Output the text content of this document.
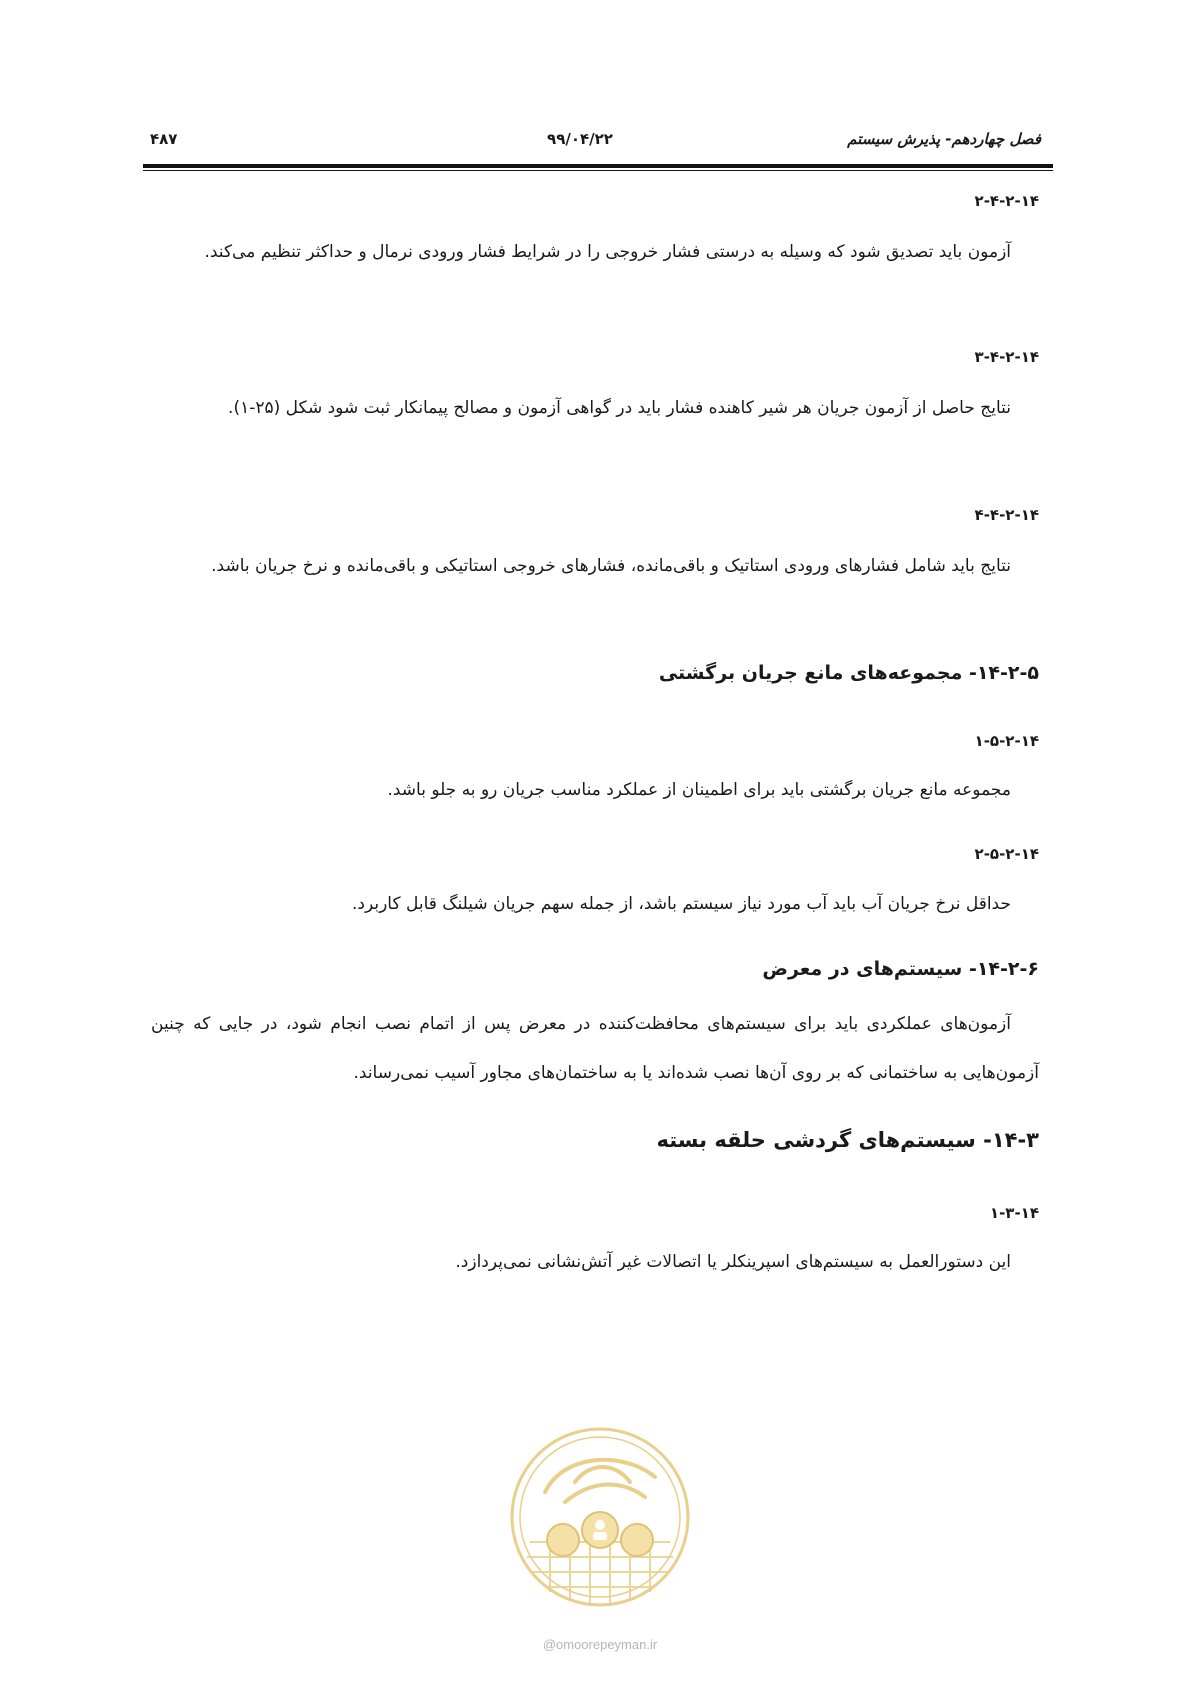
فصل چهاردهم- پذیرش سیستم
۹۹/۰۴/۲۲
۴۸۷
۲-۴-۲-۱۴
آزمون باید تصدیق شود که وسیله به درستی فشار خروجی را در شرایط فشار ورودی نرمال و حداکثر تنظیم می‌کند.
۳-۴-۲-۱۴
نتایج حاصل از آزمون جریان هر شیر کاهنده فشار باید در گواهی آزمون و مصالح پیمانکار ثبت شود شکل (۲۵-۱).
۴-۴-۲-۱۴
نتایج باید شامل فشارهای ورودی استاتیک و باقی‌مانده، فشارهای خروجی استاتیکی و باقی‌مانده و نرخ جریان باشد.
۱۴-۲-۵- مجموعه‌های مانع جریان برگشتی
۱-۵-۲-۱۴
مجموعه مانع جریان برگشتی باید برای اطمینان از عملکرد مناسب جریان رو به جلو باشد.
۲-۵-۲-۱۴
حداقل نرخ جریان آب باید آب مورد نیاز سیستم باشد، از جمله سهم جریان شیلنگ قابل کاربرد.
۱۴-۲-۶- سیستم‌های در معرض
آزمون‌های عملکردی باید برای سیستم‌های محافظت‌کننده در معرض پس از اتمام نصب انجام شود، در جایی که چنین آزمون‌هایی به ساختمانی که بر روی آن‌ها نصب شده‌اند یا به ساختمان‌های مجاور آسیب نمی‌رساند.
۱۴-۳- سیستم‌های گردشی حلقه بسته
۱-۳-۱۴
این دستورالعمل به سیستم‌های اسپرینکلر یا اتصالات غیر آتش‌نشانی نمی‌پردازد.
@omoorepeyman.ir
